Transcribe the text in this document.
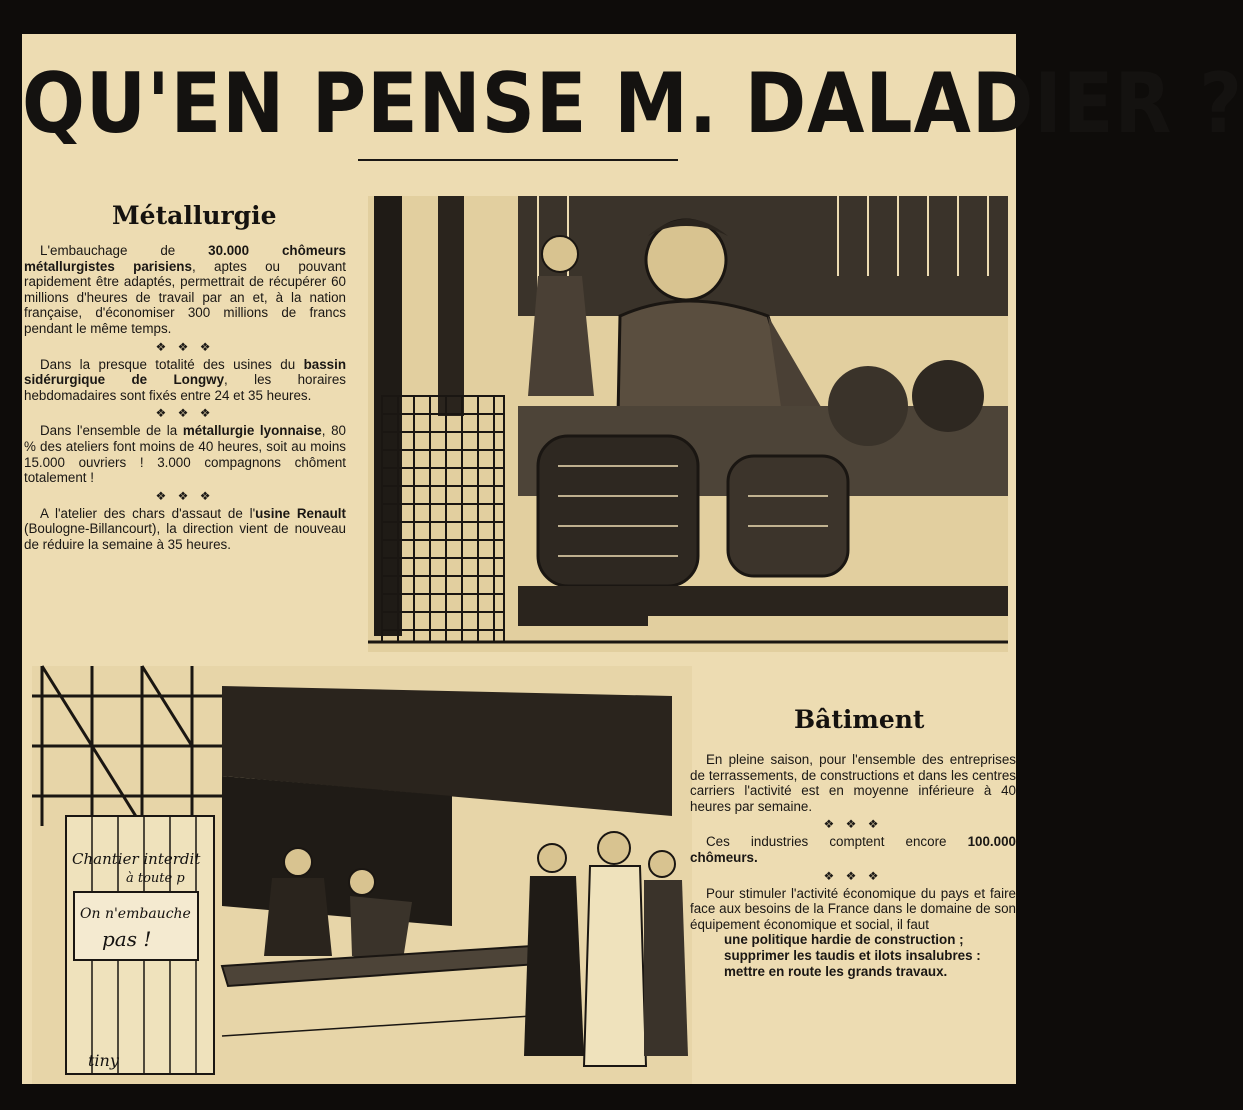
QU'EN PENSE M. DALADIER ?
Métallurgie

L'embauchage de 30.000 chômeurs métallurgistes parisiens, aptes ou pouvant rapidement être adaptés, permettrait de récupérer 60 millions d'heures de travail par an et, à la nation française, d'économiser 300 millions de francs pendant le même temps.

❖ ❖ ❖

Dans la presque totalité des usines du bassin sidérurgique de Longwy, les horaires hebdomadaires sont fixés entre 24 et 35 heures.

❖ ❖ ❖

Dans l'ensemble de la métallurgie lyonnaise, 80 % des ateliers font moins de 40 heures, soit au moins 15.000 ouvriers ! 3.000 compagnons chôment totalement !

❖ ❖ ❖

A l'atelier des chars d'assaut de l'usine Renault (Boulogne-Billancourt), la direction vient de nouveau de réduire la semaine à 35 heures.

Chantier interdit
à toute p
On n'embauche
pas !
tiny
Bâtiment

En pleine saison, pour l'ensemble des entreprises de terrassements, de constructions et dans les centres carriers l'activité est en moyenne inférieure à 40 heures par semaine.

❖ ❖ ❖

Ces industries comptent encore 100.000 chômeurs.

❖ ❖ ❖

Pour stimuler l'activité économique du pays et faire face aux besoins de la France dans le domaine de son équipement économique et social, il faut

une politique hardie de construction ;

supprimer les taudis et ilots insalubres :

mettre en route les grands travaux.
